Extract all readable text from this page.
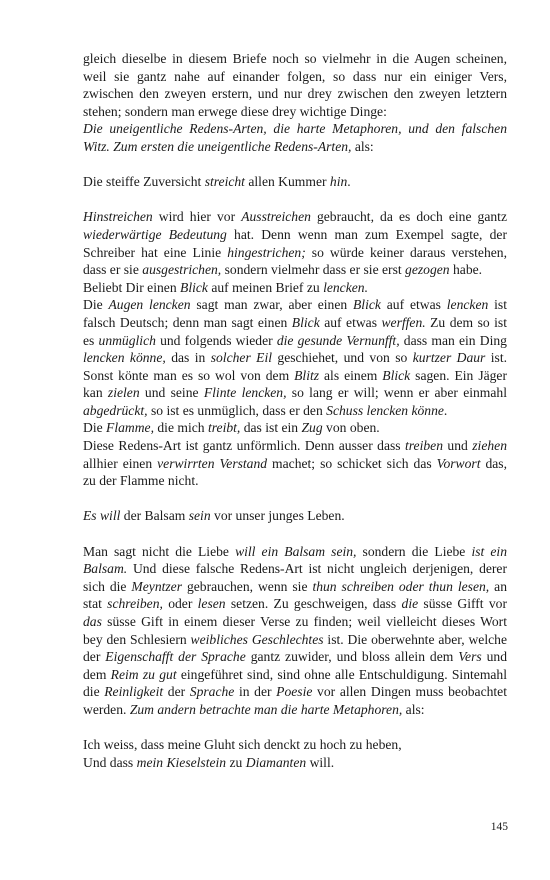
gleich dieselbe in diesem Briefe noch so vielmehr in die Augen scheinen, weil sie gantz nahe auf einander folgen, so dass nur ein einiger Vers, zwischen den zweyen erstern, und nur drey zwischen den zweyen letztern stehen; sondern man erwege diese drey wichtige Dinge:

Die uneigentliche Redens-Arten, die harte Metaphoren, und den falschen Witz. Zum ersten die uneigentliche Redens-Arten, als:

Die steiffe Zuversicht streicht allen Kummer hin.

Hinstreichen wird hier vor Ausstreichen gebraucht, da es doch eine gantz wiederwärtige Bedeutung hat. Denn wenn man zum Exempel sagte, der Schreiber hat eine Linie hingestrichen; so würde keiner daraus verstehen, dass er sie ausgestrichen, sondern vielmehr dass er sie erst gezogen habe.

Beliebt Dir einen Blick auf meinen Brief zu lencken.

Die Augen lencken sagt man zwar, aber einen Blick auf etwas lencken ist falsch Deutsch; denn man sagt einen Blick auf etwas werffen. Zu dem so ist es unmüglich und folgends wieder die gesunde Vernunfft, dass man ein Ding lencken könne, das in solcher Eil geschiehet, und von so kurtzer Daur ist. Sonst könte man es so wol von dem Blitz als einem Blick sagen. Ein Jäger kan zielen und seine Flinte lencken, so lang er will; wenn er aber einmahl abgedrückt, so ist es unmüglich, dass er den Schuss lencken könne.

Die Flamme, die mich treibt, das ist ein Zug von oben.

Diese Redens-Art ist gantz unförmlich. Denn ausser dass treiben und ziehen allhier einen verwirrten Verstand machet; so schicket sich das Vorwort das, zu der Flamme nicht.

Es will der Balsam sein vor unser junges Leben.

Man sagt nicht die Liebe will ein Balsam sein, sondern die Liebe ist ein Balsam. Und diese falsche Redens-Art ist nicht ungleich derjenigen, derer sich die Meyntzer gebrauchen, wenn sie thun schreiben oder thun lesen, an stat schreiben, oder lesen setzen. Zu geschweigen, dass die süsse Gifft vor das süsse Gift in einem dieser Verse zu finden; weil vielleicht dieses Wort bey den Schlesiern weibliches Geschlechtes ist. Die oberwehnte aber, welche der Eigenschafft der Sprache gantz zuwider, und bloss allein dem Vers und dem Reim zu gut eingeführet sind, sind ohne alle Entschuldigung. Sintemahl die Reinligkeit der Sprache in der Poesie vor allen Dingen muss beobachtet werden. Zum andern betrachte man die harte Metaphoren, als:

Ich weiss, dass meine Gluht sich denckt zu hoch zu heben,

Und dass mein Kieselstein zu Diamanten will.

145
